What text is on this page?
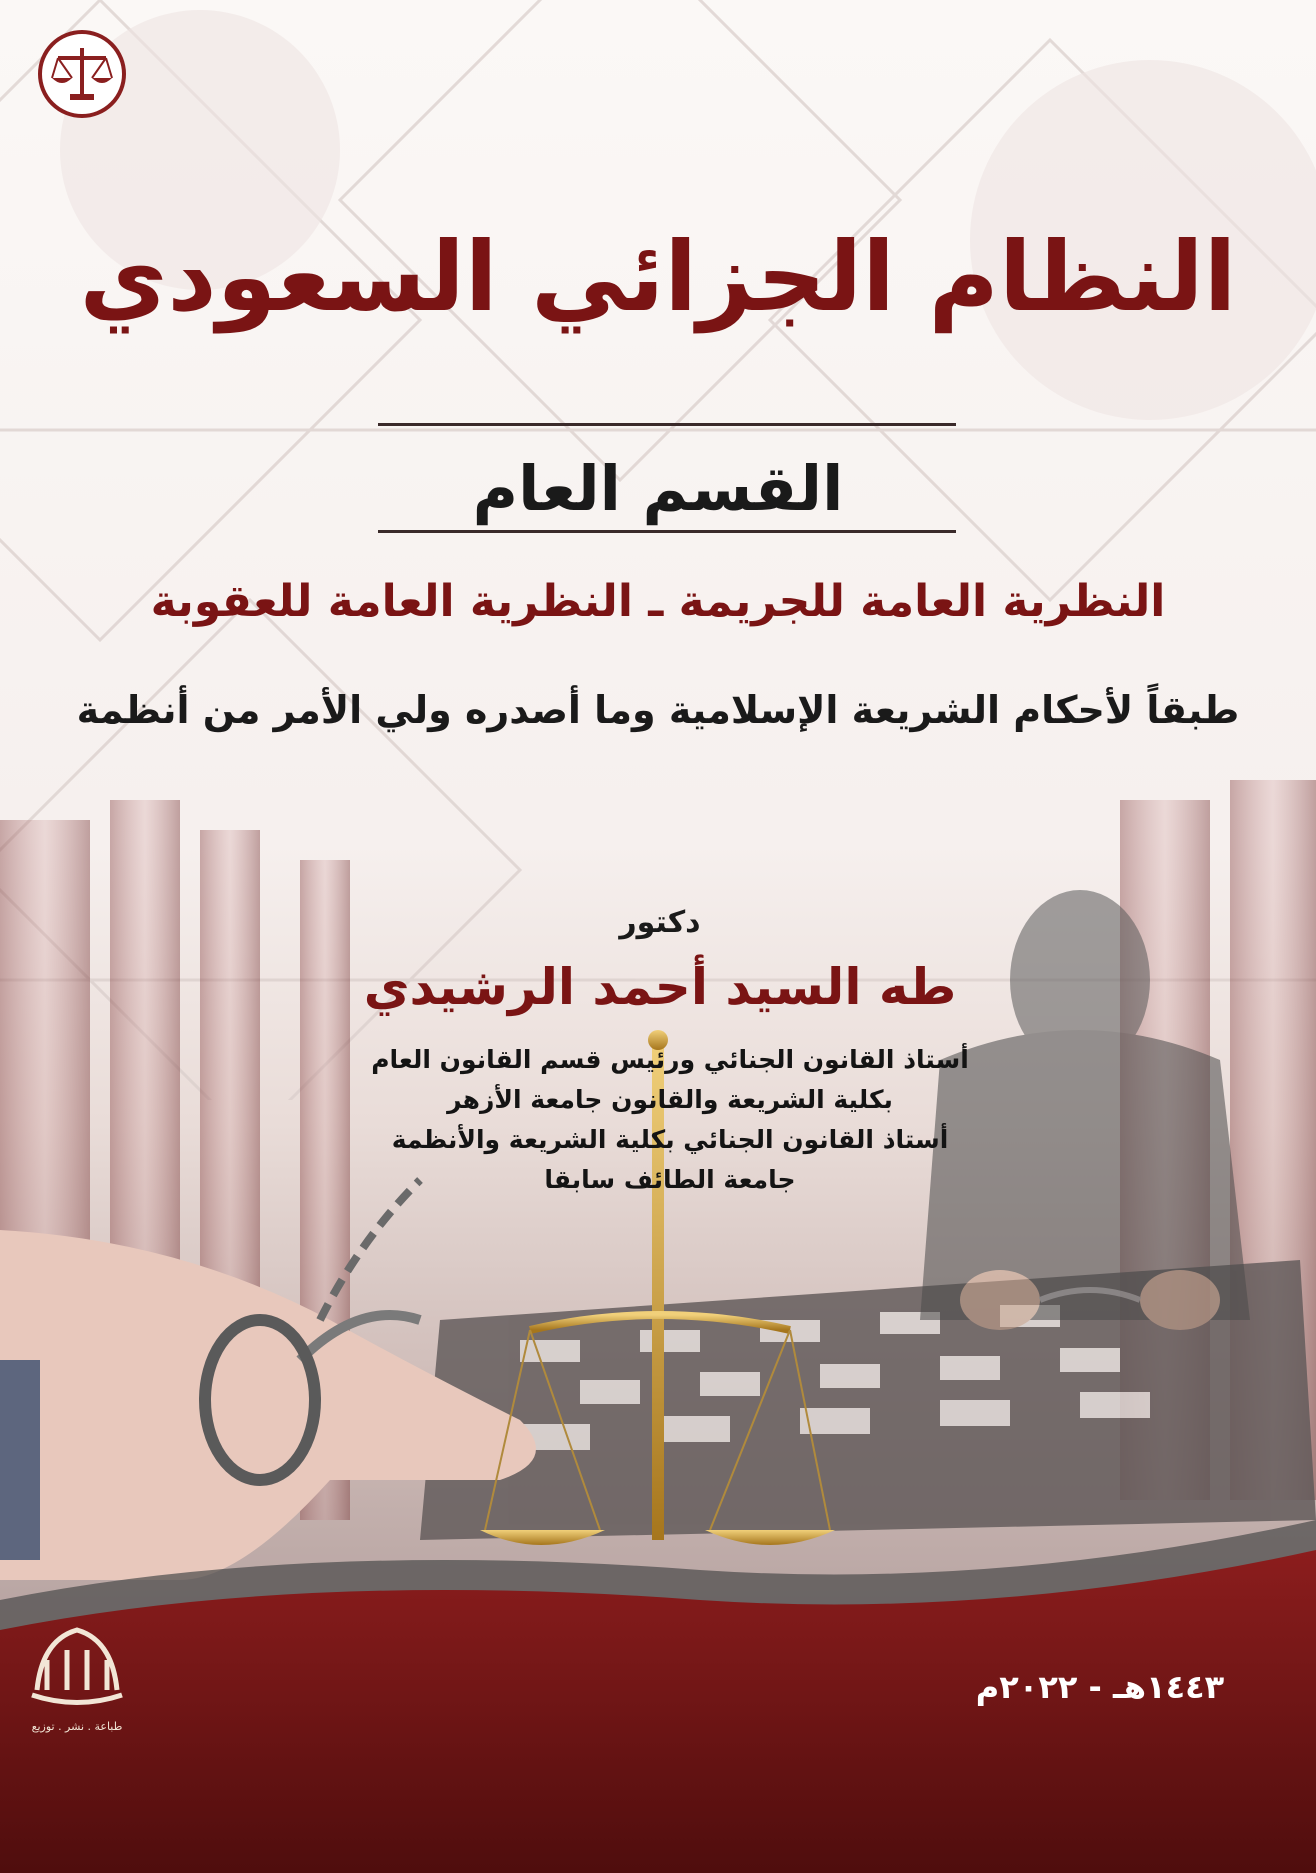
النظام الجزائي السعودي
القسم العام
النظرية العامة للجريمة ـ النظرية العامة للعقوبة
طبقاً لأحكام الشريعة الإسلامية وما أصدره ولي الأمر من أنظمة
دكتور
طه السيد أحمد الرشيدي
أستاذ القانون الجنائي ورئيس قسم القانون العام
بكلية الشريعة والقانون جامعة الأزهر
أستاذ القانون الجنائي بكلية الشريعة والأنظمة
جامعة الطائف سابقا
١٤٤٣هـ - ٢٠٢٢م
طباعة . نشر . توزيع
